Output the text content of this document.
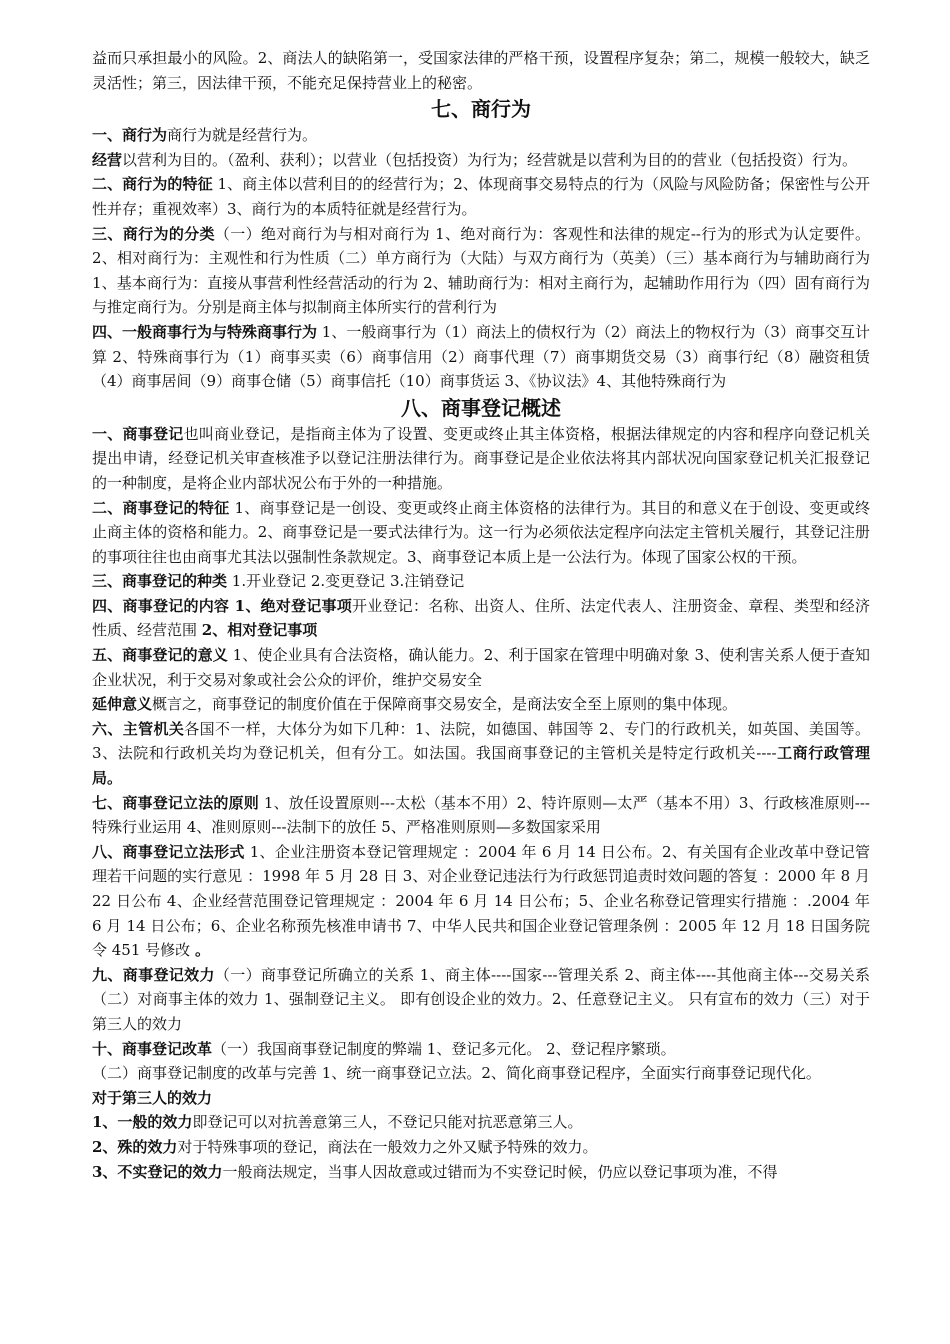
益而只承担最小的风险。2、商法人的缺陷第一，受国家法律的严格干预，设置程序复杂；第二，规模一般较大，缺乏灵活性；第三，因法律干预，不能充足保持营业上的秘密。
七、商行为
一、商行为商行为就是经营行为。
经营以营利为目的。（盈利、获利）；以营业（包括投资）为行为；经营就是以营利为目的的营业（包括投资）行为。
二、商行为的特征 1、商主体以营利目的的经营行为；2、体现商事交易特点的行为（风险与风险防备；保密性与公开性并存；重视效率）3、商行为的本质特征就是经营行为。
三、商行为的分类（一）绝对商行为与相对商行为 1、绝对商行为：客观性和法律的规定--行为的形式为认定要件。2、相对商行为：主观性和行为性质（二）单方商行为（大陆）与双方商行为（英美）（三）基本商行为与辅助商行为 1、基本商行为：直接从事营利性经营活动的行为 2、辅助商行为：相对主商行为，起辅助作用行为（四）固有商行为与推定商行为。分别是商主体与拟制商主体所实行的营利行为
四、一般商事行为与特殊商事行为 1、一般商事行为（1）商法上的债权行为（2）商法上的物权行为（3）商事交互计算 2、特殊商事行为（1）商事买卖（6）商事信用（2）商事代理（7）商事期货交易（3）商事行纪（8）融资租赁 （4）商事居间（9）商事仓储（5）商事信托（10）商事货运 3、《协议法》4、其他特殊商行为
八、商事登记概述
一、商事登记也叫商业登记，是指商主体为了设置、变更或终止其主体资格，根据法律规定的内容和程序向登记机关提出申请，经登记机关审查核准予以登记注册法律行为。商事登记是企业依法将其内部状况向国家登记机关汇报登记的一种制度，是将企业内部状况公布于外的一种措施。
二、商事登记的特征 1、商事登记是一创设、变更或终止商主体资格的法律行为。其目的和意义在于创设、变更或终止商主体的资格和能力。2、商事登记是一要式法律行为。这一行为必须依法定程序向法定主管机关履行，其登记注册的事项往往也由商事尤其法以强制性条款规定。3、商事登记本质上是一公法行为。体现了国家公权的干预。
三、商事登记的种类 1.开业登记 2.变更登记 3.注销登记
四、商事登记的内容 1、绝对登记事项开业登记：名称、出资人、住所、法定代表人、注册资金、章程、类型和经济性质、经营范围 2、相对登记事项
五、商事登记的意义 1、使企业具有合法资格，确认能力。2、利于国家在管理中明确对象 3、使利害关系人便于查知企业状况，利于交易对象或社会公众的评价，维护交易安全
延伸意义概言之，商事登记的制度价值在于保障商事交易安全，是商法安全至上原则的集中体现。
六、主管机关各国不一样，大体分为如下几种：1、法院，如德国、韩国等 2、专门的行政机关，如英国、美国等。3、法院和行政机关均为登记机关，但有分工。如法国。我国商事登记的主管机关是特定行政机关----工商行政管理局。
七、商事登记立法的原则 1、放任设置原则---太松（基本不用）2、特许原则—太严（基本不用）3、行政核准原则---特殊行业运用 4、准则原则---法制下的放任 5、严格准则原则—多数国家采用
八、商事登记立法形式 1、企业注册资本登记管理规定 ：2004 年 6 月 14 日公布。2、有关国有企业改革中登记管理若干问题的实行意见 ：1998 年 5 月 28 日 3、对企业登记违法行为行政惩罚追责时效问题的答复 ：2000 年 8 月 22 日公布 4、企业经营范围登记管理规定 ：2004 年 6 月 14 日公布；5、企业名称登记管理实行措施 ：.2004 年 6 月 14 日公布；6、企业名称预先核准申请书 7、中华人民共和国企业登记管理条例 ：2005 年 12 月 18 日国务院令 451 号修改 。
九、商事登记效力（一）商事登记所确立的关系 1、商主体----国家---管理关系 2、商主体----其他商主体---交易关系（二）对商事主体的效力 1、强制登记主义。 即有创设企业的效力。2、任意登记主义。 只有宣布的效力（三）对于第三人的效力
十、商事登记改革（一）我国商事登记制度的弊端 1、登记多元化。 2、登记程序繁琐。
（二）商事登记制度的改革与完善 1、统一商事登记立法。2、简化商事登记程序，全面实行商事登记现代化。
对于第三人的效力
1、一般的效力即登记可以对抗善意第三人，不登记只能对抗恶意第三人。
2、殊的效力对于特殊事项的登记，商法在一般效力之外又赋予特殊的效力。
3、不实登记的效力一般商法规定，当事人因故意或过错而为不实登记时候，仍应以登记事项为准，不得
